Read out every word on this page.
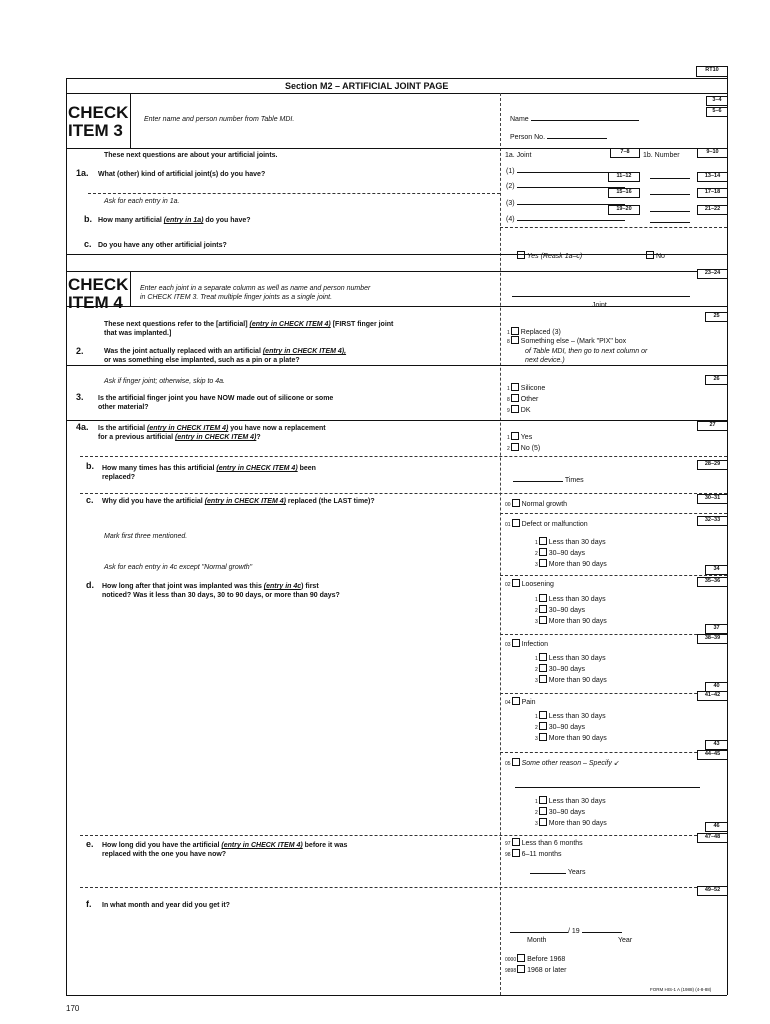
RT10
Section M2 – ARTIFICIAL JOINT PAGE
CHECK
ITEM 3
Enter name and person number from Table MDI.
3–4
5–6
Name
Person No.
These next questions are about your artificial joints.
1a. What (other) kind of artificial joint(s) do you have?
Ask for each entry in 1a.
b. How many artificial (entry in 1a) do you have?
c. Do you have any other artificial joints?
1a. Joint	1b. Number
7–8	9–10
(1)
(2)
(3)
(4)
11–12
15–16
19–20
13–14
17–18
21–22
Yes (Reask 1a–c)	No
CHECK
ITEM 4
Enter each joint in a separate column as well as name and person number
in CHECK ITEM 3. Treat multiple finger joints as a single joint.
23–24
Joint
These next questions refer to the [artificial] (entry in CHECK ITEM 4) [FIRST finger joint
that was implanted.]
2.	Was the joint actually replaced with an artificial (entry in CHECK ITEM 4),
or was something else implanted, such as a pin or a plate?
25
1 Replaced (3)
8 Something else – (Mark "PIX" box
of Table MDI, then go to next column or
next device.)
Ask if finger joint; otherwise, skip to 4a.
3. Is the artificial finger joint you have NOW made out of silicone or some
other material?
26
1 Silicone
8 Other
9 DK
4a. Is the artificial (entry in CHECK ITEM 4) you have now a replacement
for a previous artificial (entry in CHECK ITEM 4)?
27
1 Yes
2 No (5)
b. How many times has this artificial (entry in CHECK ITEM 4) been
replaced?
28–29
Times
c. Why did you have the artificial (entry in CHECK ITEM 4) replaced (the LAST time)?
Mark first three mentioned.
Ask for each entry in 4c except "Normal growth"
00 Normal growth
30–31
32–33
01 Defect or malfunction
1 Less than 30 days
2 30–90 days
3 More than 90 days
34
35–36
02 Loosening
1 Less than 30 days
2 30–90 days
3 More than 90 days
37
38–39
03 Infection
1 Less than 30 days
2 30–90 days
3 More than 90 days
40
41–42
04 Pain
1 Less than 30 days
2 30–90 days
3 More than 90 days
43
44–45
05 Some other reason – Specify ↙
1 Less than 30 days
2 30–90 days
3 More than 90 days	46
d. How long after that joint was implanted was this (entry in 4c) first
noticed? Was it less than 30 days, 30 to 90 days, or more than 90 days?
e. How long did you have the artificial (entry in CHECK ITEM 4) before it was
replaced with the one you have now?
47–48
97 Less than 6 months
98 6–11 months
Years
f. In what month and year did you get it?
49–52
/ 19
Month	Year
0000 Before 1968
9898 1968 or later
FORM HIS-1 A (1988) (4-8-88)
170
